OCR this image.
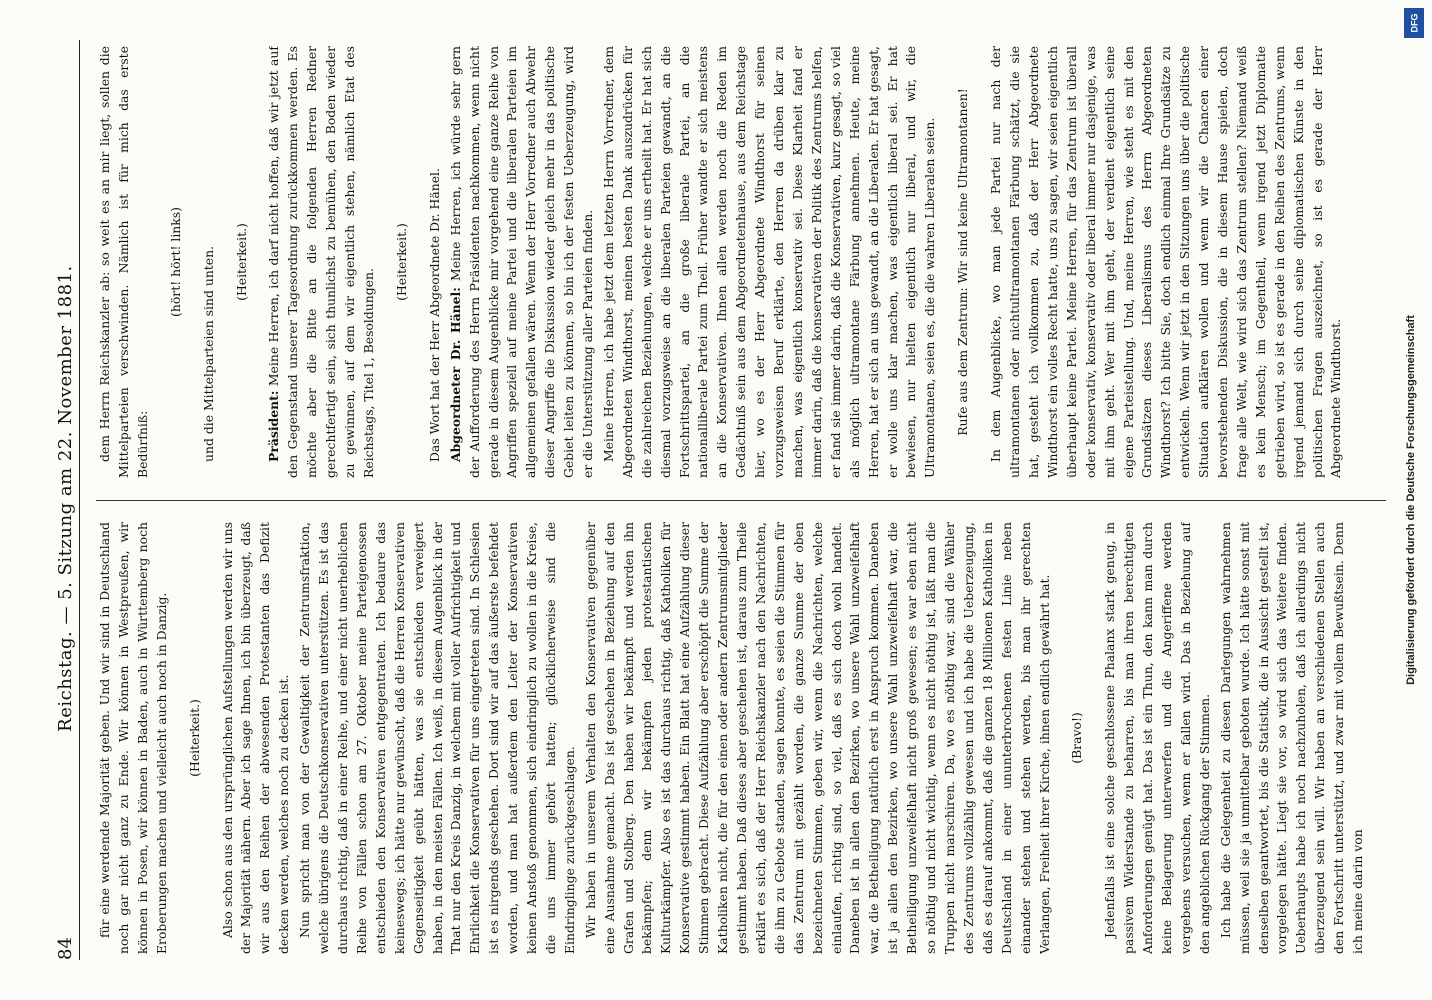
84
Reichstag. — 5. Sitzung am 22. November 1881. für eine werdende Majorität geben. Und wir sind in Deutschland noch gar nicht ganz zu Ende. Wir können in Westpreußen, wir können in Posen, wir können in Baden, auch in Württemberg noch Eroberungen machen und vielleicht auch noch in Danzig. (Heiterkeit.) Also schon aus den ursprünglichen Aufstellungen werden wir uns der Majorität nähern. Aber ich sage Ihnen, ich bin überzeugt, daß wir aus den Reihen der abwesenden Protestanten das Defizit decken werden, welches noch zu decken ist. Nun spricht man von der Gewaltigkeit der Zentrumsfraktion, welche übrigens die Deutschkonservativen unterstützen. Es ist das durchaus richtig, daß in einer Reihe, und einer nicht unerheblichen Reihe von Fällen schon am 27. Oktober meine Parteigenossen entschieden den Konservativen entgegentraten. Ich bedaure das keineswegs; ich hätte nur gewünscht, daß die Herren Konservativen Gegenseitigkeit geübt hätten, was sie entschieden verweigert haben, in den meisten Fällen. Ich weiß, in diesem Augenblick in der That nur den Kreis Danzig, in welchem mit voller Aufrichtigkeit und Ehrlichkeit die Konservativen für uns eingetreten sind. In Schlesien ist es nirgends geschehen. Dort sind wir auf das äußerste befehdet worden, und man hat außerdem den Leiter der Konservativen keinen Anstoß genommen, sich eindringlich zu wollen in die Kreise, die uns immer gehört hatten; glücklicherweise sind die Eindringlinge zurückgeschlagen. Wir haben in unserem Verhalten den Konservativen gegenüber eine Ausnahme gemacht. Das ist geschehen in Beziehung auf den Grafen und Stolberg. Den haben wir bekämpft und werden ihn bekämpfen; denn wir bekämpfen jeden protestantischen Kulturkämpfer. Also es ist das durchaus richtig, daß Katholiken für Konservative gestimmt haben. Ein Blatt hat eine Aufzählung dieser Stimmen gebracht. Diese Aufzählung aber erschöpft die Summe der Katholiken nicht, die für den einen oder andern Zentrumsmitglieder gestimmt haben. Daß dieses aber geschehen ist, daraus zum Theile erklärt es sich, daß der Herr Reichskanzler nach den Nachrichten, die ihm zu Gebote standen, sagen konnte, es seien die Stimmen für das Zentrum mit gezählt worden, die ganze Summe der oben bezeichneten Stimmen, geben wir, wenn die Nachrichten, welche einlaufen, richtig sind, so viel, daß es sich doch wohl handelt. Daneben ist in allen den Bezirken, wo unsere Wahl unzweifelhaft war, die Betheiligung natürlich erst in Anspruch kommen. Daneben ist ja allen den Bezirken, wo unsere Wahl unzweifelhaft war, die Betheiligung unzweifelhaft nicht groß gewesen; es war eben nicht so nöthig und nicht wichtig, wenn es nicht nöthig ist, läßt man die Truppen nicht marschiren. Da, wo es nöthig war, sind die Wähler des Zentrums vollzählig gewesen und ich habe die Ueberzeugung, daß es darauf ankommt, daß die ganzen 18 Millionen Katholiken in Deutschland in einer ununterbrochenen festen Linie neben einander stehen und stehen werden, bis man ihr gerechten Verlangen, Freiheit ihrer Kirche, ihnen endlich gewährt hat. (Bravo!) Jedenfalls ist eine solche geschlossene Phalanx stark genug, in passivem Widerstande zu beharren, bis man ihren berechtigten Anforderungen genügt hat. Das ist ein Thun, den kann man durch keine Belagerung unterwerfen und die Angeriffene werden vergebens versuchen, wenn er fallen wird. Das in Beziehung auf den angeblichen Rückgang der Stimmen. Ich habe die Gelegenheit zu diesen Darlegungen wahrnehmen müssen, weil sie ja unmittelbar geboten wurde. Ich hätte sonst mit denselben geantwortet, bis die Statistik, die in Aussicht gestellt ist, vorgelegen hätte. Liegt sie vor, so wird sich das Weitere finden. Ueberhaupts habe ich noch nachzuholen, daß ich allerdings nicht überzeugend sein will. Wir haben an verschiedenen Stellen auch den Fortschritt unterstützt, und zwar mit vollem Bewußtsein. Denn ich meine darin von

dem Herrn Reichskanzler ab: so weit es an mir liegt, sollen die Mittelparteien verschwinden. Nämlich ist für mich das erste Bedürfniß:

(hört! hört! links) und die Mittelparteien sind unten. (Heiterkeit.)

Präsident: Meine Herren, ich darf nicht hoffen, daß wir jetzt auf den Gegenstand unserer Tagesordnung zurückkommen werden. Es möchte aber die Bitte an die folgenden Herren Redner gerechtfertigt sein, sich thunlichst zu bemühen, den Boden wieder zu gewinnen, auf dem wir eigentlich stehen, nämlich Etat des Reichstags, Titel 1, Besoldungen.

(Heiterkeit.) Das Wort hat der Herr Abgeordnete Dr. Hänel. Abgeordneter Dr. Hänel: Meine Herren, ich würde sehr gern der Aufforderung des Herrn Präsidenten nachkommen, wenn nicht gerade in diesem Augenblicke mir vorgehend eine ganze Reihe von Angriffen speziell auf meine Partei und die liberalen Parteien im allgemeinen gefallen wären. Wenn der Herr Vorredner auch Abwehr dieser Angriffe die Diskussion wieder gleich mehr in das politische Gebiet leiten zu können, so bin ich der festen Ueberzeugung, wird er die Unterstützung aller Parteien finden. Meine Herren, ich habe jetzt dem letzten Herrn Vorredner, dem Abgeordneten Windthorst, meinen besten Dank auszudrücken für die zahlreichen Beziehungen, welche er uns ertheilt hat. Er hat sich diesmal vorzugsweise an die liberalen Parteien gewandt, an die Fortschrittspartei, an die große liberale Partei, an die nationalliberale Partei zum Theil. Früher wandte er sich meistens an die Konservativen. Ihnen allen werden noch die Reden im Gedächtniß sein aus dem Abgeordnetenhause, aus dem Reichstage hier, wo es der Herr Abgeordnete Windthorst für seinen vorzugsweisen Beruf erklärte, den Herren da drüben klar zu machen, was eigentlich konservativ sei. Diese Klarheit fand er immer darin, daß die konservativen der Politik des Zentrums helfen, er fand sie immer darin, daß die Konservativen, kurz gesagt, so viel als möglich ultramontane Färbung annehmen. Heute, meine Herren, hat er sich an uns gewandt, an die Liberalen. Er hat gesagt, er wolle uns klar machen, was eigentlich liberal sei. Er hat bewiesen, nur hielten eigentlich nur liberal, und wir, die Ultramontanen, seien es, die die wahren Liberalen seien. Rufe aus dem Zentrum: Wir sind keine Ultramontanen! In dem Augenblicke, wo man jede Partei nur nach der ultramontanen oder nichtultramontanen Färbung schätzt, die sie hat, gesteht ich vollkommen zu, daß der Herr Abgeordnete Windthorst ein volles Recht hatte, uns zu sagen, wir seien eigentlich überhaupt keine Partei. Meine Herren, für das Zentrum ist überall oder konservativ, konservativ oder liberal immer nur dasjenige, was mit ihm geht. Wer mit ihm geht, der verdient eigentlich seine eigene Parteistellung. Und, meine Herren, wie steht es mit den Grundsätzen dieses Liberalismus des Herrn Abgeordneten Windthorst? Ich bitte Sie, doch endlich einmal Ihre Grundsätze zu entwickeln. Wenn wir jetzt in den Sitzungen uns über die politische Situation aufklären wollen und wenn wir die Chancen einer bevorstehenden Diskussion, die in diesem Hause spielen, doch frage alle Welt, wie wird sich das Zentrum stellen? Niemand weiß es kein Mensch; im Gegentheil, wenn irgend jetzt Diplomatie getrieben wird, so ist es gerade in den Reihen des Zentrums, wenn irgend jemand sich durch seine diplomatischen Künste in den politischen Fragen auszeichnet, so ist es gerade der Herr Abgeordnete Windthorst.	Digitalisierung gefördert durch die Deutsche Forschungsgemeinschaft
DFG
